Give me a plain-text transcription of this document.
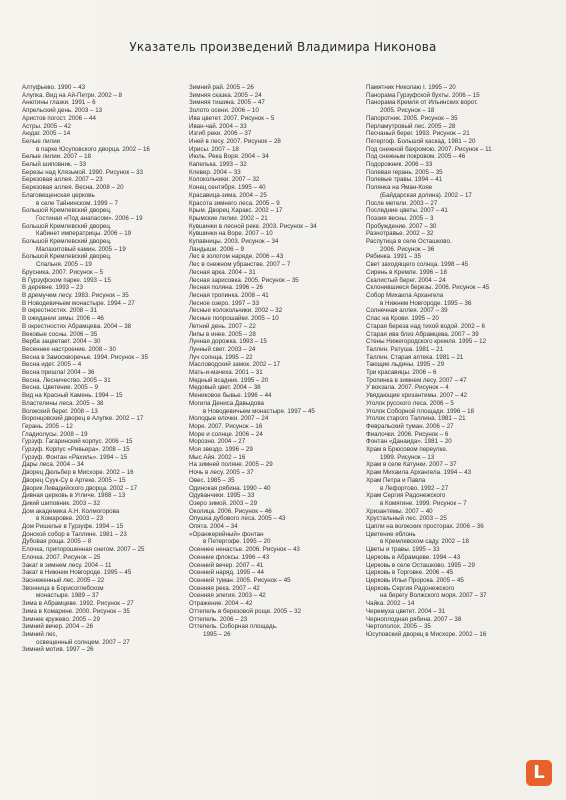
Указатель произведений Владимира Никонова
Алтуфьево. 1990 – 43
Алупка. Вид на Ай-Петри. 2002 – 8
Анютины глазки. 1991 – 6
Апрельский день. 2003 – 13
Аристов погост. 2006 – 44
Астры. 2005 – 42
Аюдаг. 2005 – 14
Белые лилии
в парке Юсуповского дворца. 2002 – 16
Белые лилии. 2007 – 18
Белый шиповник. – 33
Березы над Клязьмой. 1990. Рисунок – 33
Березовая аллея. 2007 – 23
Березовая аллея. Весна. 2008 – 20
Благовещенская церковь
в селе Тайнинском. 1999 – 7
Большой Кремлевский дворец.
Гостиная «Под анапасом». 2006 – 19
Большой Кремлевский дворец.
Кабинет императрицы. 2006 – 19
Большой Кремлевский дворец.
Малахитовый камин. 2005 – 19
Большой Кремлевский дворец.
Спальня. 2005 – 19
Брусника. 2007. Рисунок – 5
В Гурзуфском парке. 1993 – 15
В деревне. 1993 – 23
В дремучем лесу. 1983. Рисунок – 35
В Новодевичьем монастыре. 1994 – 27
В окрестностях. 2008 – 31
В ожидании зимы. 2006 – 46
В окрестностях Абрамцева. 2004 – 38
Вековые сосны. 2006 – 35
Верба зацветает. 2004 – 30
Весеннее настроение. 2008 – 30
Весна в Замоскворечье. 1994. Рисунок – 35
Весна идет. 2005 – 4
Весна пришла! 2004 – 36
Весна. Лесничество. 2005 – 31
Весна. Цветение. 2005 – 9
Вид на Красный Камень. 1994 – 15
Властелины леса. 2005 – 38
Волжский берег. 2008 – 13
Воронцовский дворец в Алупке. 2002 – 17
Герань. 2005 – 12
Гладиолусы. 2008 – 19
Гурзуф. Гагаринский корпус. 2006 – 15
Гурзуф. Корпус «Ривьера». 2008 – 15
Гурзуф. Фонтан «Рахиль». 1994 – 15
Дары леса. 2004 – 34
Дворец Дюльбер в Мисхоре. 2002 – 16
Дворец Суук-Су в Артеке. 2005 – 15
Дворик Ливадийского дворца. 2002 – 17
Дивная церковь в Угличе. 1988 – 13
Дикий шиповник. 2003 – 32
Дом академика А.Н. Колмогорова
в Комаровке. 2003 – 23
Дом Ришелье в Гурзуфе. 1994 – 15
Донской собор в Таллине. 1981 – 23
Дубовая роща. 2005 – 8
Елочка, припорошенная снегом. 2007 – 25
Елочка. 2007. Рисунок – 25
Закат в зимнем лесу. 2004 – 11
Закат в Нижнем Новгороде. 1995 – 45
Заснеженный лес. 2005 – 22
Звонница в Борисоглебском
монастыре. 1989 – 37
Зима в Абрамцеве. 1992. Рисунок – 27
Зима в Комарине. 2000. Рисунок – 35
Зимнее кружево. 2005 – 29
Зимний вечер. 2004 – 26
Зимний лес,
освещенный солнцем. 2007 – 27
Зимний мотив. 1997 – 26
Зимний рай. 2005 – 26
Зимняя сказка. 2005 – 24
Зимняя тишина. 2005 – 47
Золото осени. 2006 – 10
Ива цветет. 2007. Рисунок – 5
Иван-чай. 2004 – 33
Изгиб реки. 2006 – 37
Иней в лесу. 2007. Рисунок – 28
Ирисы. 2007 – 18
Июль. Река Воря. 2004 – 34
Капелька. 1993 – 32
Клевер. 2004 – 33
Колокольчики. 2007 – 32
Конец сентября. 1995 – 40
Красавица-зима. 2004 – 25
Красота зимнего леса. 2005 – 9
Крым. Дворец Харакс. 2002 – 17
Крымские лилии. 2002 – 21
Кувшинки в лесной реке. 2003. Рисунок – 34
Кувшинки на Воре. 2007 – 10
Купавницы. 2003. Рисунок – 34
Ландыши. 2006 – 9
Лес в золотом наряде. 2006 – 43
Лес в снежном убранстве. 2007 – 7
Лесная арка. 2004 – 31
Лесная зарисовка. 2005. Рисунок – 35
Лесная поляна. 1996 – 26
Лесная тропинка. 2008 – 41
Лесное озеро. 1997 – 33
Лесные колокольчики. 2002 – 32
Лесные попрошайки. 2005 – 10
Летний день. 2007 – 22
Липы в инее. 2005 – 28
Лунная дорожка. 1993 – 15
Лунный свет. 2003 – 24
Луч солнца. 1995 – 22
Масловодский замок. 2002 – 17
Мать-и-мачеха. 2001 – 31
Медный всадник. 1995 – 20
Медовый цвет. 2004 – 38
Мениковое бывье. 1996 – 44
Могила Дениса Давыдова
в Новодевичьем монастыре. 1997 – 45
Молодые елочки. 2007 – 24
Море. 2007. Рисунок – 16
Море и солнце. 2006 – 24
Морозно. 2004 – 27
Моя звездо. 1996 – 29
Мыс Айя. 2002 – 16
На зимней поляне. 2005 – 29
Ночь в лесу. 2005 – 37
Овес. 1985 – 35
Одинокая рябина. 1990 – 40
Одуванчики. 1995 – 33
Озеро зимой. 2003 – 29
Околица. 2006. Рисунок – 46
Опушка дубового леса. 2005 – 43
Опята. 2004 – 34
«Оранжерейный» фонтан
в Петергофе. 1995 – 20
Осеннее ненастье. 2006. Рисунок – 43
Осенние флоксы. 1996 – 43
Осенний вечер. 2007 – 41
Осенний наряд. 1995 – 44
Осенний туман. 2005. Рисунок – 45
Осенняя река. 2007 – 42
Осенняя элегия. 2003 – 42
Отражение. 2004 – 42
Оттепель в березовой роще. 2005 – 32
Оттепель. 2006 – 23
Оттепель. Соборная площадь.
1995 – 26
Памятник Николаю I. 1995 – 20
Панорама Гурзуфской бухты. 2006 – 15
Панорама Кремля от Ильинских ворот.
2005. Рисунок – 18
Папоротник. 2005. Рисунок – 35
Перламутровый лес. 2005 – 28
Песчаный берег. 1993. Рисунок – 21
Петергоф. Большой каскад. 1981 – 20
Под снежной бахромою. 2007. Рисунок – 11
Под снежным покровом. 2005 – 46
Подорожник. 2006 – 33
Полевая герань. 2005 – 35
Полевые травы. 1994 – 41
Полянка на Яман-Кояе
(Байдарская долина). 2002 – 17
После метели. 2003 – 27
Последние цветы. 2007 – 41
Поэзия весны. 2005 – 3
Пробуждение. 2007 – 30
Разнотравье. 2002 – 32
Распутица в селе Осташково.
2006. Рисунок – 36
Рябинка. 1991 – 35
Свет заходящего солнца. 1998 – 45
Сирень в Кремле. 1996 – 18
Скалистый берег. 2004 – 24
Склонившиеся березы. 2006. Рисунок – 45
Собор Михаила Архангела
в Нижнем Новгороде. 1995 – 36
Солнечная аллея. 2007 – 39
Спас на Крови. 1995 – 20
Старая береза над тихой водой. 2002 – 6
Старая ива близ Абрамцева. 2007 – 39
Стены Нижегородского кремля. 1995 – 12
Таллин. Ратуша. 1981 – 21
Таллин. Старая аптека. 1981 – 21
Тающие льдины. 1995 – 29
Три красавицы. 2006 – 6
Тропинка в зимнем лесу. 2007 – 47
У вокзала. 2007. Рисунок – 4
Увядающие хризантемы. 2007 – 42
Уголок русского леса. 2006 – 5
Уголок Соборной площади. 1996 – 18
Уголок старого Таллина. 1981 – 21
Февральский туман. 2006 – 27
Фиалочки. 2006. Рисунок – 6
Фонтан «Данаида». 1981 – 20
Храм в Брюсовом переулке.
1999. Рисунок – 13
Храм в селе Катунки. 2007 – 37
Храм Михаила Архангела. 1994 – 43
Храм Петра и Павла
в Лефортово. 1992 – 27
Храм Сергия Радонежского
в Комягине. 1999. Рисунок – 7
Хризантемы. 2007 – 40
Хрустальный лес. 2003 – 25
Цапли на волжских просторах. 2006 – 36
Цветение яблонь
в Кремлевском саду. 2002 – 18
Цветы и травы. 1995 – 33
Церковь в Абрамцеве. 1994 – 43
Церковь в селе Осташково. 1995 – 29
Церковь в Торговке. 2006 – 45
Церковь Ильи Пророка. 2005 – 45
Церковь Сергия Радонежского
на берегу Волжского моря. 2007 – 37
Чайка. 2002 – 14
Черемуха цветет. 2004 – 31
Черноплодная рябина. 2007 – 38
Чертополох. 2005 – 35
Юсуповский дворец в Мисхоре. 2002 – 16
L
